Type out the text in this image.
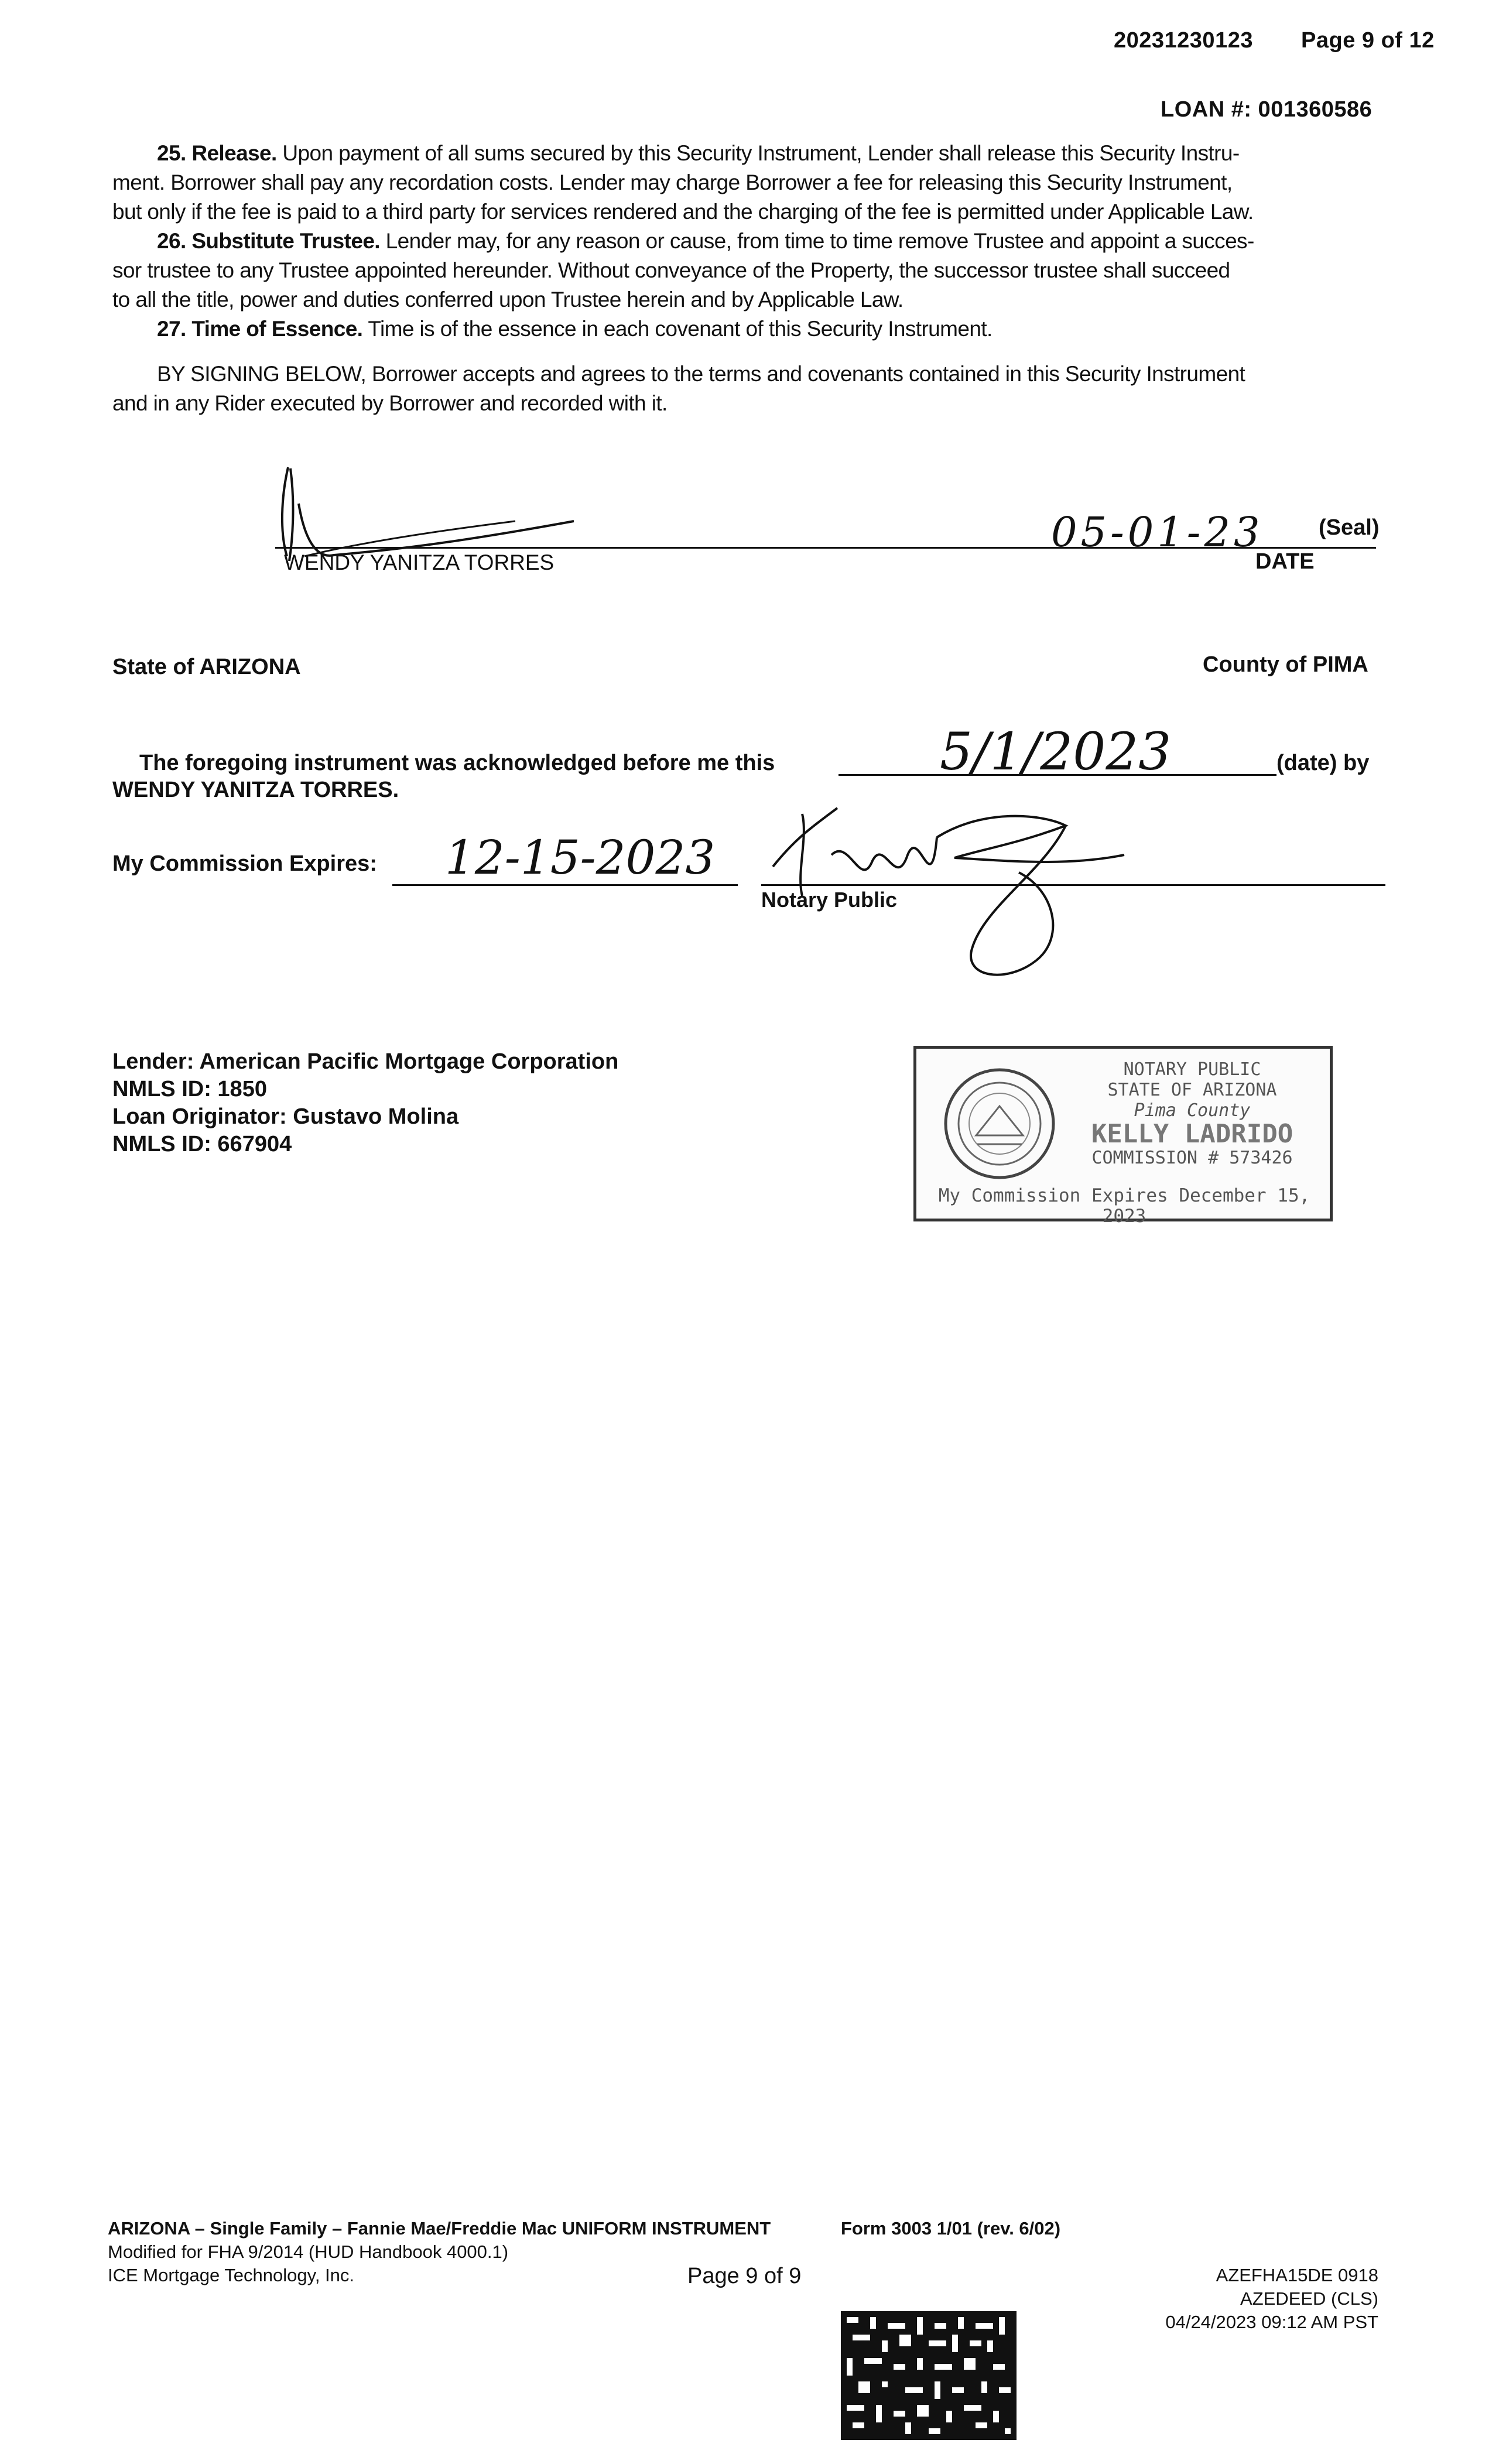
20231230123 Page 9 of 12
LOAN #: 001360586

25. Release. Upon payment of all sums secured by this Security Instrument, Lender shall release this Security Instru-

ment. Borrower shall pay any recordation costs. Lender may charge Borrower a fee for releasing this Security Instrument,

but only if the fee is paid to a third party for services rendered and the charging of the fee is permitted under Applicable Law.

26. Substitute Trustee. Lender may, for any reason or cause, from time to time remove Trustee and appoint a succes-

sor trustee to any Trustee appointed hereunder. Without conveyance of the Property, the successor trustee shall succeed

to all the title, power and duties conferred upon Trustee herein and by Applicable Law.

27. Time of Essence. Time is of the essence in each covenant of this Security Instrument.

BY SIGNING BELOW, Borrower accepts and agrees to the terms and covenants contained in this Security Instrument

and in any Rider executed by Borrower and recorded with it.

WENDY YANITZA TORRES
05-01-23 (Seal)
DATE
State of ARIZONA	County of PIMA
The foregoing instrument was acknowledged before me this	5/1/2023	(date) by
WENDY YANITZA TORRES.
My Commission Expires: 12-15-2023
Notary Public
Lender: American Pacific Mortgage Corporation
NMLS ID: 1850
Loan Originator: Gustavo Molina
NMLS ID: 667904
NOTARY PUBLIC
STATE OF ARIZONA
Pima County
KELLY LADRIDO
COMMISSION # 573426
My Commission Expires December 15, 2023
ARIZONA – Single Family – Fannie Mae/Freddie Mac UNIFORM INSTRUMENT	Form 3003 1/01 (rev. 6/02)
Modified for FHA 9/2014 (HUD Handbook 4000.1)
ICE Mortgage Technology, Inc.	Page 9 of 9	AZEFHA15DE 0918
AZEDEED (CLS)
04/24/2023 09:12 AM PST
